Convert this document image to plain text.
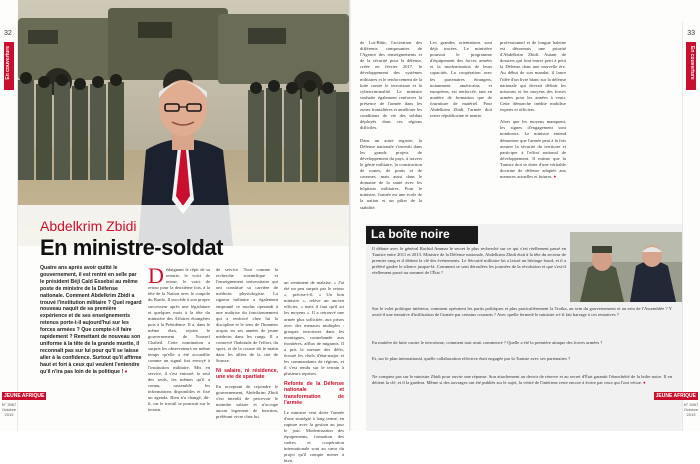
32
En couverture
Abdelkrim Zbidi
En ministre-soldat
Quatre ans après avoir quitté le gouvernement, il est rentré en selle par le président Béji Caïd Essebsi au même poste de ministre de la Défense nationale. Comment Abdelkrim Zbidi a trouvé l'institution militaire ? Quel regard nouveau naquit de sa première expérience et de ses enseignements retenus porte-t-il aujourd'hui sur les forces armées ? Que compte-t-il faire rapidement ? Remettant de nouveau son uniforme à la tête de la grande muette, il reconnaît pas sur lui pour qu'il se laisse aller à la confidence. Surtout qu'il affirme haut et fort à ceux qui veulent l'entendre qu'il n'ira pas loin de la politique ! ♦
D édaignant le répit de sa retraite, le voici de retour, le voici de retour pour la deuxième fois, à la tête de la Nation avec le coupole du Bardo. Il succède à son propre successeur après une législature et quelques mois à la tête du ministère des Affaires étrangères puis à la Présidence. Il a, dans le même élan, rejoint le gouvernement de Youssef Chahed. Cette nomination a surpris les observateurs en même temps qu'elle a été accueillie comme un signal fort envoyé à l'institution militaire. Mis en service, il s'est entouré, le seul des seuls, les mêmes qu'il a connu, rassemblé les informations disponibles et fixé un agenda. Rien n'a changé, dit-il, car le travail se poursuit sur le terrain.
de service. Tout comme la recherche scientifique et l'enseignement universitaire qui ont constitué sa carrière de médecin physiologiste. La rigueur militaire a également emprunté ce modus operandi à une maîtrise du fonctionnement qui a renforcé chez lui la discipline et le sens de l'honneur acquis en ses années de jeune médecin dans les rangs. Il a conservé l'habitude de l'effort, du sport, et de la course tôt le matin dans les allées de la cité de Sousse.
Ni salaire, ni résidence, une vie de spartiate
En acceptant de rejoindre le gouvernement, Abdelkrim Zbidi s'est interdit de percevoir le moindre salaire et n'occupe aucun logement de fonction, préférant vivre chez lui.
un sentiment de malaise. « J'ai été un peu surpris par le retour », précise-t-il. « Un bon ministre », relève un ancien officier, « mais il faut qu'il ait les moyens ». Il a retrouvé une armée plus sollicitée, aux prises avec des menaces multiples : groupes terroristes dans les montagnes, contrebande aux frontières, afflux de migrants. Il a pris la mesure des défis, écouté les chefs d'état-major et les commandants de régions, et il s'est rendu sur le terrain à plusieurs reprises.
Refonte de la Défense nationale et transformation de l'armée
Le ministre veut doter l'armée d'une stratégie à long terme, en rupture avec la gestion au jour le jour. Modernisation des équipements, formation des cadres et coopération internationale sont au cœur du projet qu'il compte mener à bien.
JEUNE AFRIQUE
N° 3067
Octobre 2019
33
En couverture
de Loi-Bâtir, l'activation des différents composantes de l'Agence des renseignements et de la sécurité pour la défense, créée en février 2017, le développement des systèmes militaires et le renforcement de la lutte contre le terrorisme et la cybercriminalité. Le ministre souhaite également renforcer la présence de l'armée dans les zones frontalières et améliorer les conditions de vie des soldats déployés dans ces régions difficiles.

Dans un autre registre, la Défense nationale s'investit dans les grands projets de développement du pays, à travers le génie militaire, la construction de routes, de ponts et de casernes, mais aussi dans le domaine de la santé avec les hôpitaux militaires. Pour le ministre, l'armée est une école de la nation et un pilier de la stabilité.
Les grandes orientations sont déjà tracées. Le ministère poursuit le programme d'équipement des forces armées et la modernisation de leurs capacités. La coopération avec les partenaires étrangers, notamment américains et européens, est renforcée, tant en matière de formation que de fourniture de matériel. Pour Abdelkrim Zbidi, l'armée doit rester républicaine et neutre.
professionnel et de longue haleine est désormais une priorité d'Abdelkrim Zbidi. Autant de dossiers qui font entrer petit à petit la Défense dans une nouvelle ère. Au début de son mandat, il lance l'idée d'un livre blanc sur la défense nationale qui devrait définir les missions et les moyens des forces armées pour les années à venir. Cette démarche inédite mobilise experts et officiers.

Alors que les moyens manquent, les signes d'engagement sont nombreux. Le ministre entend démontrer que l'armée peut à la fois assurer la sécurité du territoire et participer à l'effort national de développement. Il estime que la Tunisie doit se doter d'une véritable doctrine de défense adaptée aux menaces actuelles et futures. ♦
La boîte noire
Il débute avec le général Rachid Ammar le secret le plus recherché sur ce qui s'est réellement passé en Tunisie entre 2011 et 2013. Ministre de la Défense nationale, Abdelkrim Zbidi était à la tête du secteur de premier rang et il détient la clé des événements. Le Sécurité militaire lui a laissé un héritage lourd, et il a préféré garder le silence jusque-là. Comment se sont déroulées les journées de la révolution et que s'est-il réellement passé au sommet de l'État ?
Sur le volet politique intérieur, comment opéraient les partis politiques et plus particulièrement la Troïka, au sein du gouvernement et au sein de l'Assemblée ? Y avait-il une tentative d'infiltration de l'armée par certains courants ? Avec quelle fermeté le ministre a-t-il fait barrage à ces tentatives ?
En matière de lutte contre le terrorisme, comment tout avait commencé ? Quelle a été la première attaque des forces armées ?
Et, sur le plan international, quelle collaboration effective était engagée par la Tunisie avec ses partenaires ?
Ne comptez pas sur le ministre Zbidi pour ouvrir une réponse. Son attachement au devoir de réserve et au secret d'État garantit l'étanchéité de la boîte noire. Il en détient la clé, et il la gardera. Même si des ouvrages ont été publiés sur le sujet, la vérité de l'intérieur reste encore à écrire par ceux qui l'ont vécue. ♦
JEUNE AFRIQUE
N° 3067
Octobre 2019
